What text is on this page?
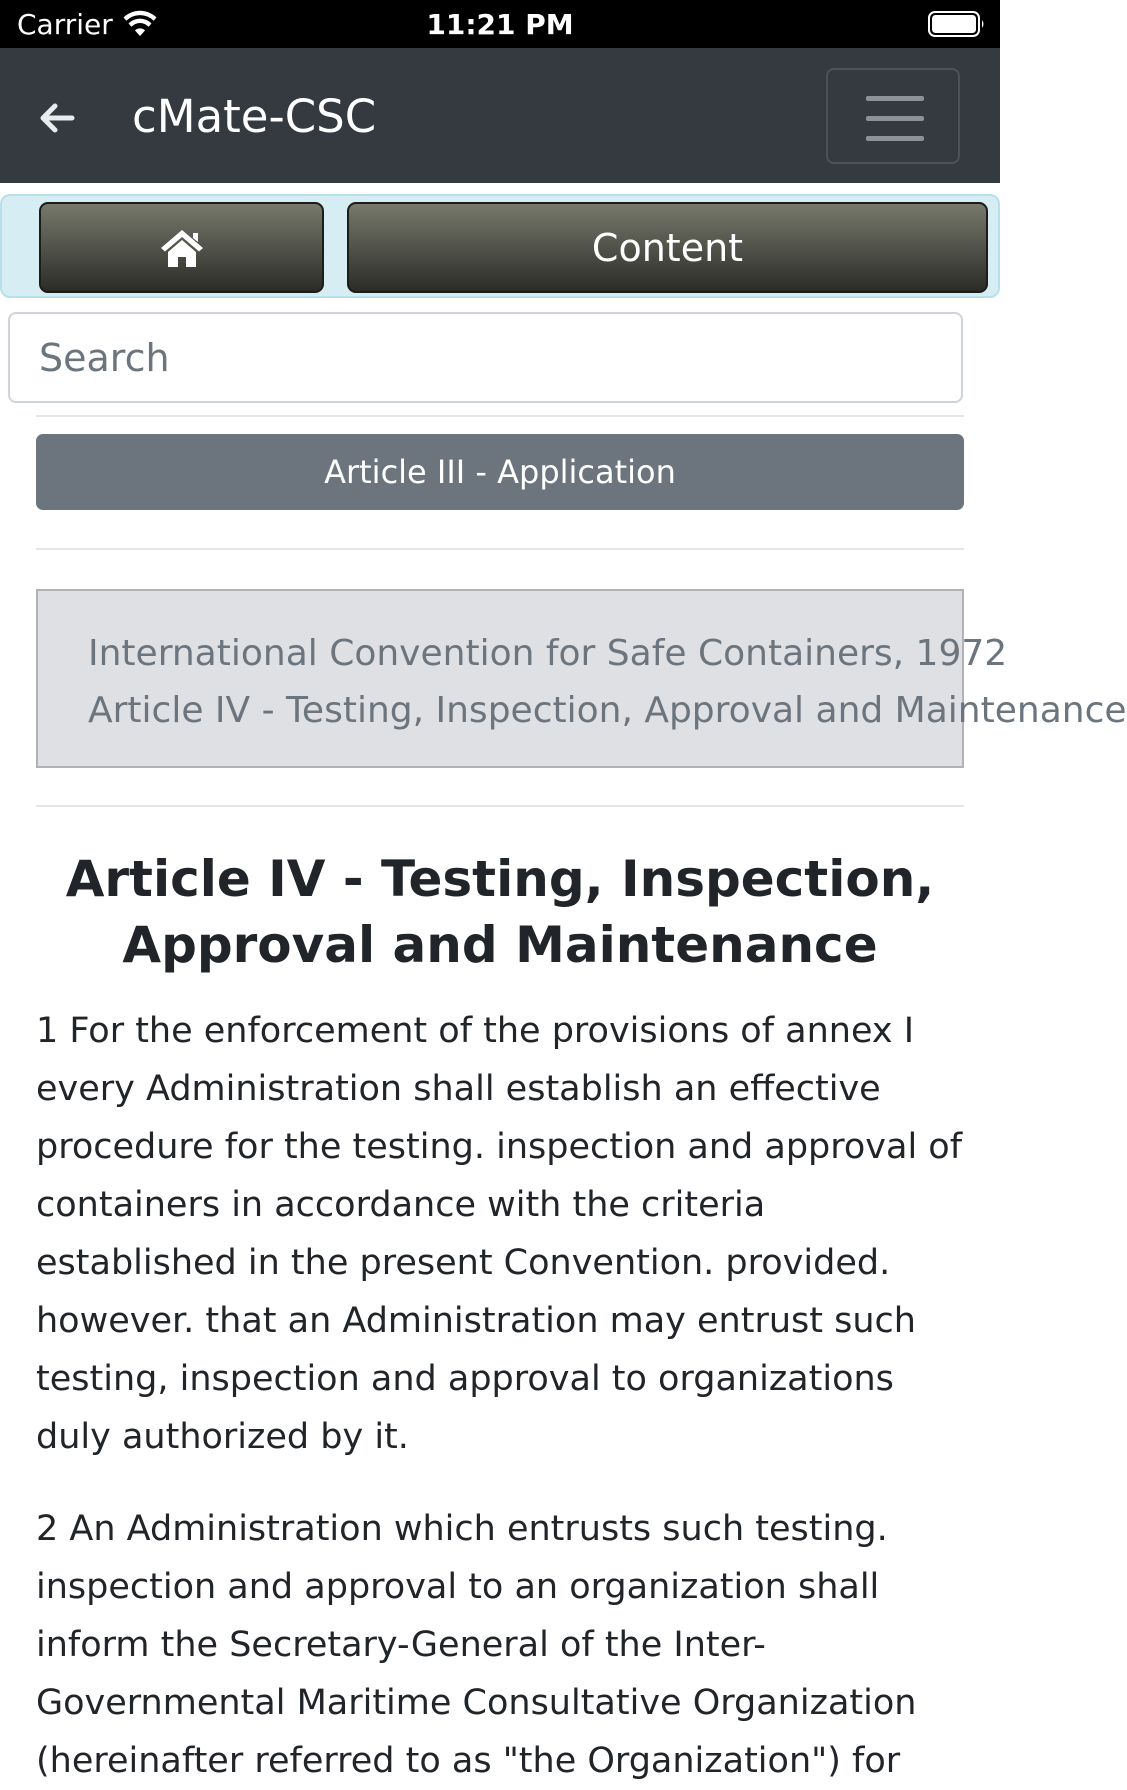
Carrier	11:21 PM
cMate-CSC
Content
Search
Article III - Application
International Convention for Safe Containers, 1972
Article IV - Testing, Inspection, Approval and Maintenance
Article IV - Testing, Inspection, Approval and Maintenance

1 For the enforcement of the provisions of annex I every Administration shall establish an effective procedure for the testing. inspection and approval of containers in accordance with the criteria established in the present Convention. provided. however. that an Administration may entrust such testing, inspection and approval to organizations duly authorized by it.

2 An Administration which entrusts such testing. inspection and approval to an organization shall inform the Secretary-General of the Inter-Governmental Maritime Consultative Organization (hereinafter referred to as "the Organization") for
